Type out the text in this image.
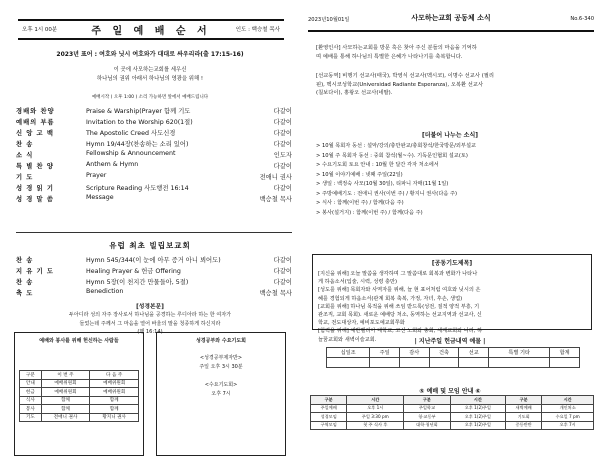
오후 1시 00분	주 일 예 배 순 서	인도 : 백승철 목사
2023년 표어 : 여호와 닛시 여호와가 대대로 싸우리라(출 17:15-16)
이 곳에 사모하는교회를 세우신
하나님의 권위 아래서 하나님의 영광을 위해 !
예배시작 ( 오후 1:00 ) 소리 가능하면 앞에서 예배드립니다
경배와 찬양	Praise & Warship(Prayer 함께 기도	다같이
예배의 부름	Invitation to the Worship 620(1절)	다같이
신 앙 고 백	The Apostolic Creed 사도신경	다같이
찬 송	Hymn 19/44장(찬송하는 소리 있어)	다같이
소 식	Fellowship & Announcement	인도자
특 별 찬 양	Anthem & Hymn	다같이
기 도	Prayer	전애니 권사
성 경 읽 기	Scripture Reading 사도행전 16:14	다같이
성 경 말 씀	Message	백승철 목사
유럽 최초 빌립보교회
찬 송	Hymn 545/344(이 눈에 아무 증거 아니 뵈어도)	다같이
지 유 기 도	Healing Prayer & 헌금 Offering	다같이
찬 송	Hymn 5장(이 천지간 만물들아, 5절)	다같이
축 도	Benediction	백승철 목사
[성경본문]
두아디라 성의 자주 장사로서 하나님을 공경하는 루디아라 하는 한 여자가
들었는데 주께서 그 마음을 열어 바울의 말을 청종하게 하신지라
(행 16:14)
예배와 봉사를 위해 헌신하는 사람들
구분	이 번 주	다 음 주
안내	예배위원회	예배위원회
헌금	예배위원회	예배위원회
식사	함께	함께
봉사	함께	함께
기도	전애니 권사	황지니 권사
성경공부와 수요기도회
<성경공부제자반>
주일 오후 3시 30분

<수요기도회>
오후 7시
2023년10월01일	사모하는교회 공동체 소식	No.6-340
[환영인사] 사모하는교회를 방문 혹은 찾아 주신 분들의 마음을 기억하
며 예배를 통해 하나님의 특별한 은혜가 나타나기를 축복합니다.
[선교동역] 비행기 선교사(태국), 박영식 선교사(멕시코), 이명수 선교사 (필리
핀), 멕시코성학교(Universidad Radiante Esperanza), 오복환 선교사
(칠보다이), 홍왕오 선교사(네팔).
[더불어 나누는 소식]
> 10월 목회자 동선 : 설악/강의/충만완교/충회창석/한국방문/외부설교
> 10월 주 목회자 동선 : 중회 참석(월~수). 기독문인협회 설교(토)
> 수요기도회 토요 안내 : 10월 한 달간 각자 처소에서
> 10월 이야기예배 : 넷째 주일(22일)
> 생일 : 백정숙 사모(10월 30일), 티파니 자매(11월 1일)
> 주방예배기도 : 전애니 권사(이번 주) / 황지니 권사(다음 주)
> 식사 : 함께(이번 주) / 함께(다음 주)
> 봉사(설거지) : 함께(이번 주) / 함께(다음 주)
[공동기도제목]
[지신을 위해] 오늘 말씀을 생각하며 그 말씀대로 회복과 변화가 나타나
게 하옵소서(입술, 시력, 성령 충만)
[성도를 위해] 목회자와 사역자를 위해, 늘 현 표어처럼 여호와 닛시의 은
혜를 경험되게 하옵소서(관계 회복 축복, 가정, 자녀, 후손, 생업)
[교회를 위해] 하나님 목적을 위해 쓰임 받드록(성전, 질적 양적 부흥, 기
관조직, 교회 목회). 새로운 예배당 처소, 동역하는 선교지역과 선교사, 신
학교, 전도대상자, 예비포도예교회쭈화
[힘력을 위해] 예반벨리아 대학교, 고신 노회와 총회, 세계교회와 나라, 하
늘꿈교회와 새벽이슬교회.	| 지난주일 헌금내역 예물 |
십일조	주일	감사	건축	선교	특별 기타	합계

⑤ 예배 및 모임 안내 ⑥
구분	시간	구분	시간	구분	시간
주일예배	오후 1시	주일학교	오후 1(2)주일	새벽예배	개인처소
성경모임	주일 3:30 pm	청·교동부	오후 1(2)주일	기도회	수요일 7 pm
구역모임	첫 주 식사 후	대학·청년회	오후 1(2)주일	중등반반	오후 7시
